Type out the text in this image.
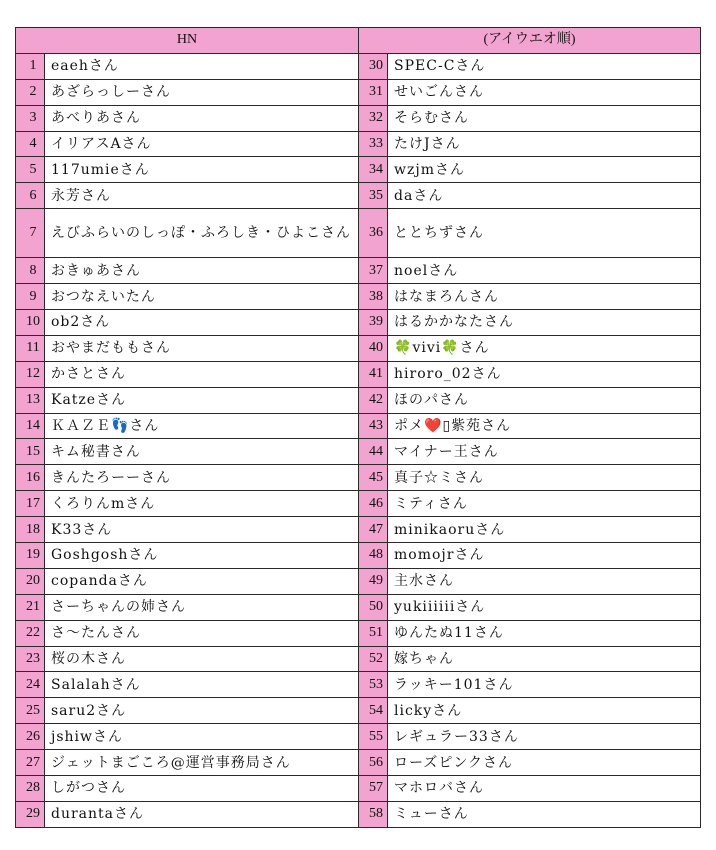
HN		(アイウエオ順)	
1	eaehさん	30	SPEC-Cさん
2	あざらっしーさん	31	せいごんさん
3	あべりあさん	32	そらむさん
4	イリアスAさん	33	たけJさん
5	117umieさん	34	wzjmさん
6	永芳さん	35	daさん
7	えびふらいのしっぽ・ふろしき・ひよこさん	36	ととちずさん
8	おきゅあさん	37	noelさん
9	おつなえいたん	38	はなまろんさん
10	ob2さん	39	はるかかなたさん
11	おやまだももさん	40	🍀vivi🍀さん
12	かさとさん	41	hiroro_02さん
13	Katzeさん	42	ほのパさん
14	ＫＡＺＥ👣さん	43	ポメ❤️▯紫苑さん
15	キム秘書さん	44	マイナー王さん
16	きんたろーーさん	45	真子☆ミさん
17	くろりんmさん	46	ミティさん
18	K33さん	47	minikaoruさん
19	Goshgoshさん	48	momojrさん
20	copandaさん	49	主水さん
21	さーちゃんの姉さん	50	yukiiiiiiさん
22	さ〜たんさん	51	ゆんたぬ11さん
23	桜の木さん	52	嫁ちゃん
24	Salalahさん	53	ラッキー101さん
25	saru2さん	54	lickyさん
26	jshiwさん	55	レギュラー33さん
27	ジェットまごころ@運営事務局さん	56	ローズピンクさん
28	しがつさん	57	マホロバさん
29	durantaさん	58	ミューさん
